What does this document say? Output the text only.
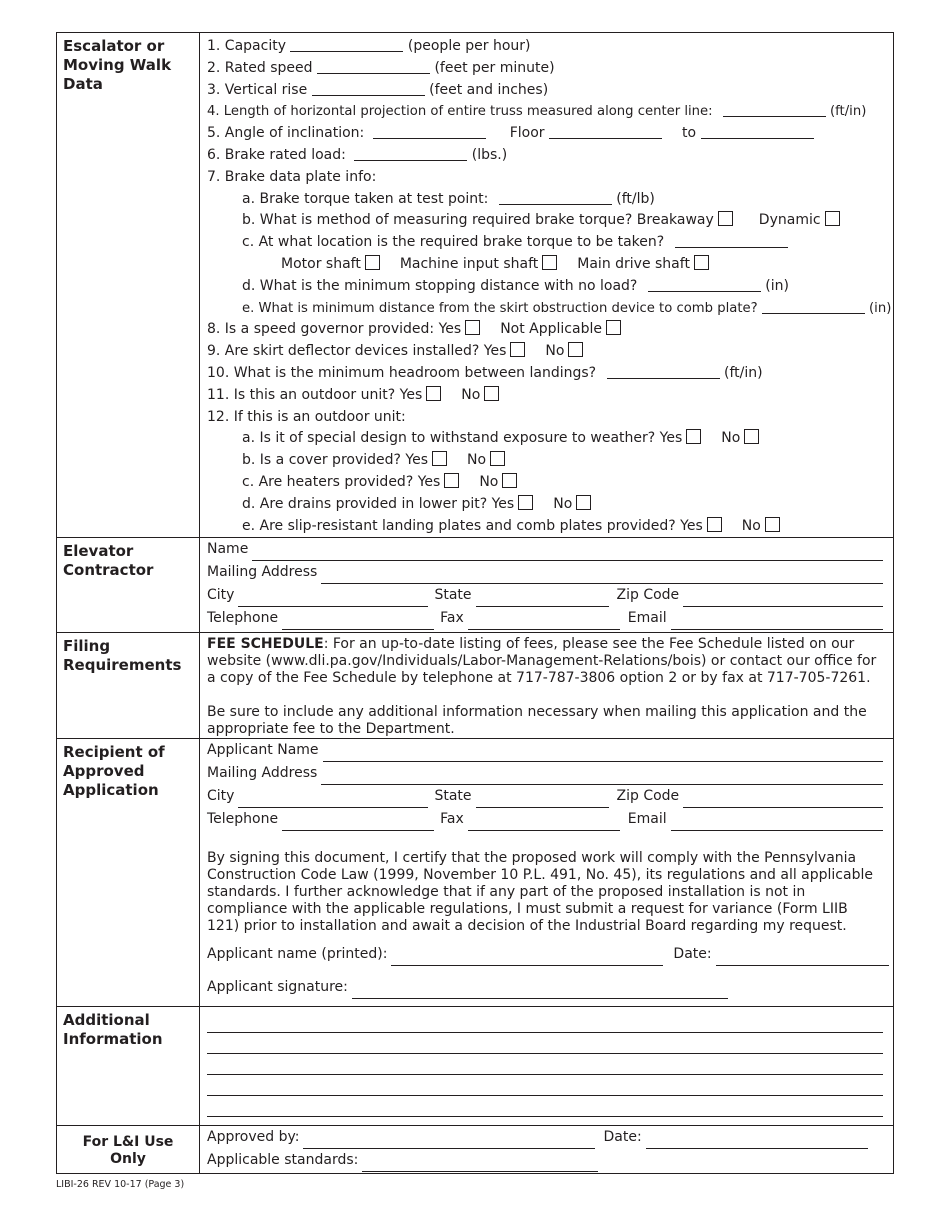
Escalator or Moving Walk Data
1. Capacity	(people per hour)
2. Rated speed	(feet per minute)
3. Vertical rise	(feet and inches)
4. Length of horizontal projection of entire truss measured along center line:	(ft/in)
5. Angle of inclination:	Floor	to
6. Brake rated load:	(lbs.)
7. Brake data plate info:
a. Brake torque taken at test point:	(ft/lb)
b. What is method of measuring required brake torque? Breakaway	Dynamic
c. At what location is the required brake torque to be taken?
Motor shaft	Machine input shaft	Main drive shaft
d. What is the minimum stopping distance with no load?	(in)
e. What is minimum distance from the skirt obstruction device to comb plate?	(in)
8. Is a speed governor provided: Yes	Not Applicable
9. Are skirt deflector devices installed? Yes	No
10. What is the minimum headroom between landings?	(ft/in)
11. Is this an outdoor unit? Yes	No
12. If this is an outdoor unit:
a. Is it of special design to withstand exposure to weather? Yes	No
b. Is a cover provided? Yes	No
c. Are heaters provided? Yes	No
d. Are drains provided in lower pit? Yes	No
e. Are slip-resistant landing plates and comb plates provided? Yes	No
Elevator Contractor
Name
Mailing Address
City	State	Zip Code
Telephone	Fax	Email
Filing Requirements
FEE SCHEDULE: For an up-to-date listing of fees, please see the Fee Schedule listed on our website (www.dli.pa.gov/Individuals/Labor-Management-Relations/bois) or contact our office for a copy of the Fee Schedule by telephone at 717-787-3806 option 2 or by fax at 717-705-7261.
Be sure to include any additional information necessary when mailing this application and the appropriate fee to the Department.
Recipient of Approved Application
Applicant Name
Mailing Address
City	State	Zip Code
Telephone	Fax	Email
By signing this document, I certify that the proposed work will comply with the Pennsylvania Construction Code Law (1999, November 10 P.L. 491, No. 45), its regulations and all applicable standards. I further acknowledge that if any part of the proposed installation is not in compliance with the applicable regulations, I must submit a request for variance (Form LIIB 121) prior to installation and await a decision of the Industrial Board regarding my request.
Applicant name (printed):	Date:
Applicant signature:
Additional Information
For L&I Use Only
Approved by:	Date:
Applicable standards:
LIBI-26 REV 10-17 (Page 3)
